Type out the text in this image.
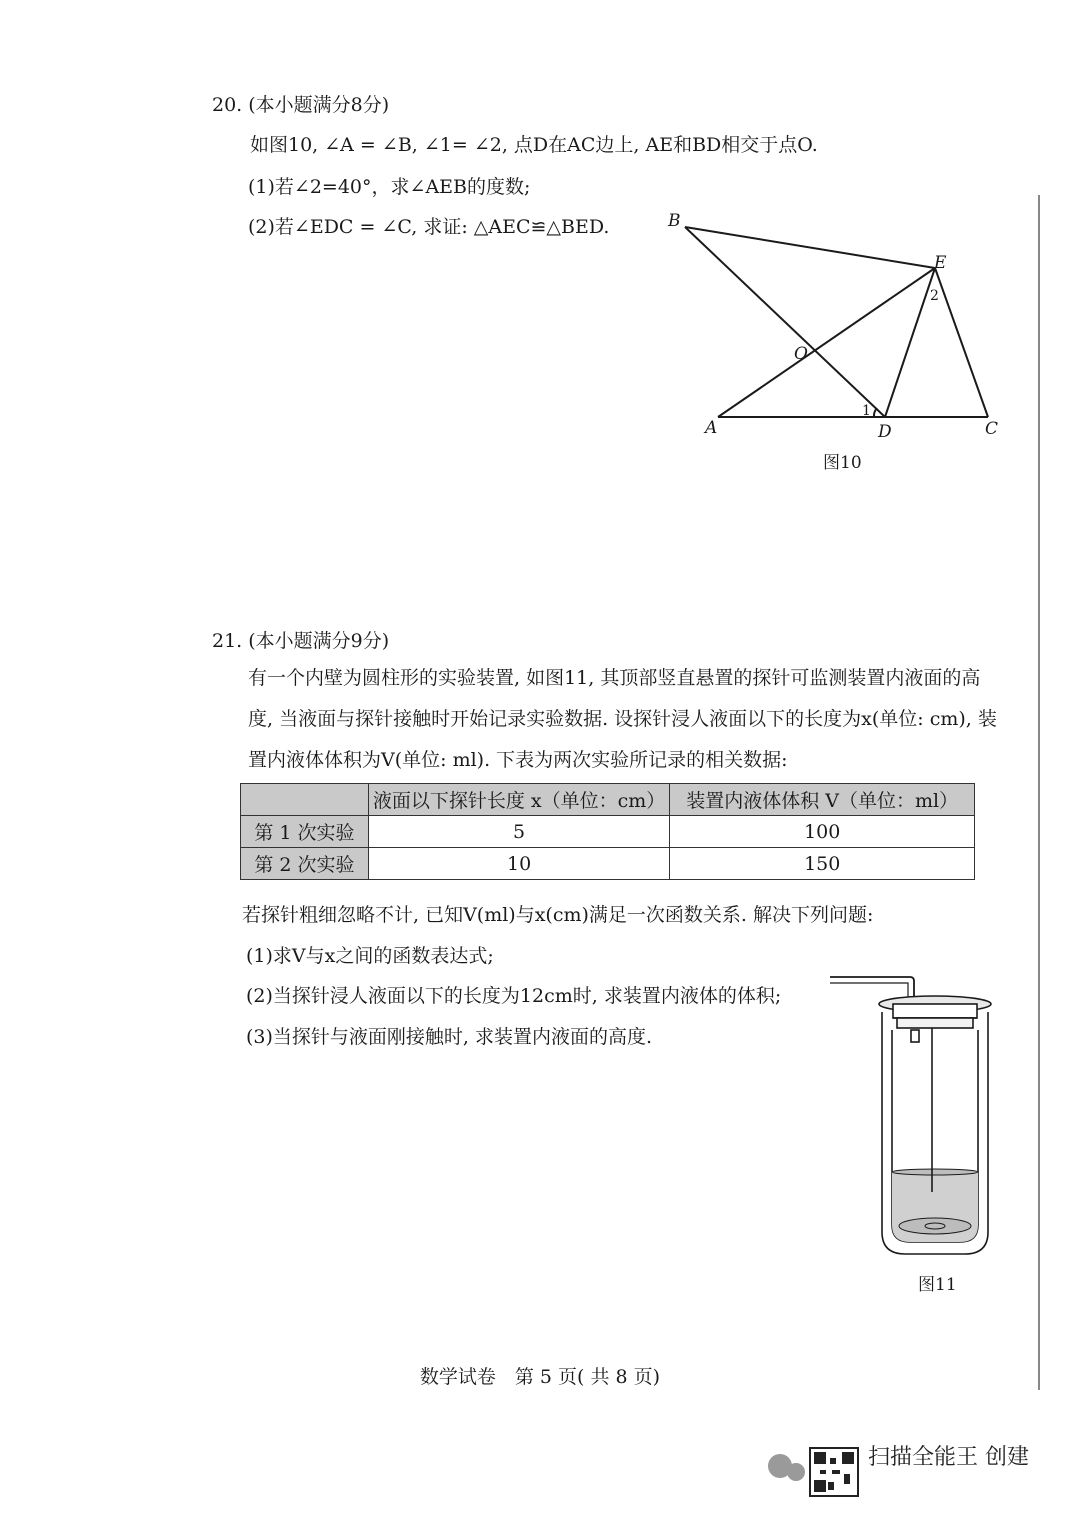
20. (本小题满分8分)
如图10, ∠A = ∠B, ∠1= ∠2, 点D在AC边上, AE和BD相交于点O.
(1)若∠2=40°，求∠AEB的度数;
(2)若∠EDC = ∠C, 求证: △AEC≌△BED.	B
E
O
A	D	C
1
2
图10
21. (本小题满分9分)
有一个内壁为圆柱形的实验装置, 如图11, 其顶部竖直悬置的探针可监测装置内液面的高度, 当液面与探针接触时开始记录实验数据. 设探针浸人液面以下的长度为x(单位: cm), 装置内液体体积为V(单位: ml). 下表为两次实验所记录的相关数据:
	液面以下探针长度 x（单位：cm）	装置内液体体积 V（单位：ml）
第 1 次实验	5	100
第 2 次实验	10	150
若探针粗细忽略不计, 已知V(ml)与x(cm)满足一次函数关系. 解决下列问题:
(1)求V与x之间的函数表达式;
(2)当探针浸人液面以下的长度为12cm时, 求装置内液体的体积;
(3)当探针与液面刚接触时, 求装置内液面的高度.
图11
数学试卷　第 5 页( 共 8 页)
扫描全能王 创建
